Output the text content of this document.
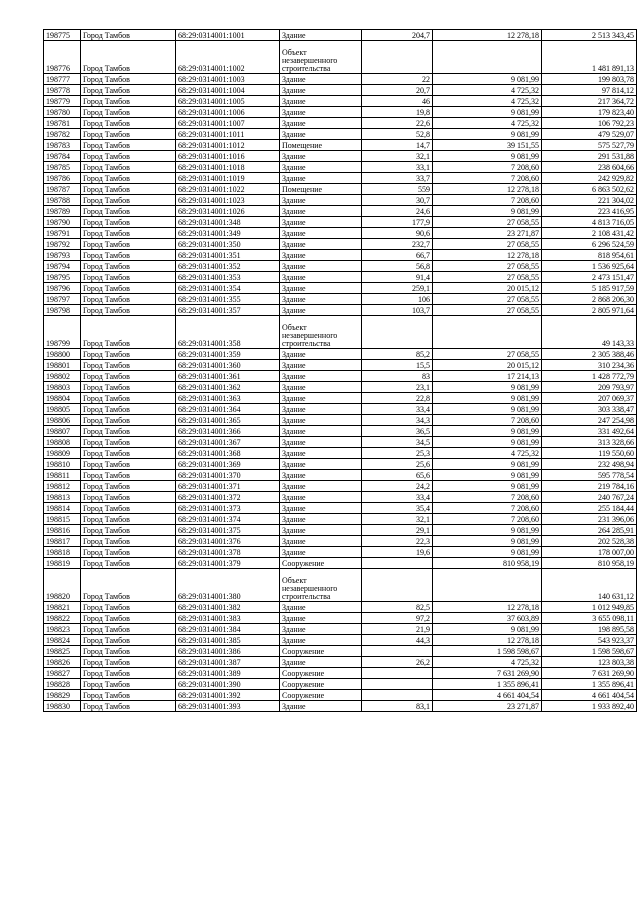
198775	Город Тамбов	68:29:0314001:1001	Здание	204,7	12 278,18	2 513 343,45
198776	Город Тамбов	68:29:0314001:1002	Объект незавершенного строительства			1 481 891,13
198777	Город Тамбов	68:29:0314001:1003	Здание	22	9 081,99	199 803,78
198778	Город Тамбов	68:29:0314001:1004	Здание	20,7	4 725,32	97 814,12
198779	Город Тамбов	68:29:0314001:1005	Здание	46	4 725,32	217 364,72
198780	Город Тамбов	68:29:0314001:1006	Здание	19,8	9 081,99	179 823,40
198781	Город Тамбов	68:29:0314001:1007	Здание	22,6	4 725,32	106 792,23
198782	Город Тамбов	68:29:0314001:1011	Здание	52,8	9 081,99	479 529,07
198783	Город Тамбов	68:29:0314001:1012	Помещение	14,7	39 151,55	575 527,79
198784	Город Тамбов	68:29:0314001:1016	Здание	32,1	9 081,99	291 531,88
198785	Город Тамбов	68:29:0314001:1018	Здание	33,1	7 208,60	238 604,66
198786	Город Тамбов	68:29:0314001:1019	Здание	33,7	7 208,60	242 929,82
198787	Город Тамбов	68:29:0314001:1022	Помещение	559	12 278,18	6 863 502,62
198788	Город Тамбов	68:29:0314001:1023	Здание	30,7	7 208,60	221 304,02
198789	Город Тамбов	68:29:0314001:1026	Здание	24,6	9 081,99	223 416,95
198790	Город Тамбов	68:29:0314001:348	Здание	177,9	27 058,55	4 813 716,05
198791	Город Тамбов	68:29:0314001:349	Здание	90,6	23 271,87	2 108 431,42
198792	Город Тамбов	68:29:0314001:350	Здание	232,7	27 058,55	6 296 524,59
198793	Город Тамбов	68:29:0314001:351	Здание	66,7	12 278,18	818 954,61
198794	Город Тамбов	68:29:0314001:352	Здание	56,8	27 058,55	1 536 925,64
198795	Город Тамбов	68:29:0314001:353	Здание	91,4	27 058,55	2 473 151,47
198796	Город Тамбов	68:29:0314001:354	Здание	259,1	20 015,12	5 185 917,59
198797	Город Тамбов	68:29:0314001:355	Здание	106	27 058,55	2 868 206,30
198798	Город Тамбов	68:29:0314001:357	Здание	103,7	27 058,55	2 805 971,64
198799	Город Тамбов	68:29:0314001:358	Объект незавершенного строительства			49 143,33
198800	Город Тамбов	68:29:0314001:359	Здание	85,2	27 058,55	2 305 388,46
198801	Город Тамбов	68:29:0314001:360	Здание	15,5	20 015,12	310 234,36
198802	Город Тамбов	68:29:0314001:361	Здание	83	17 214,13	1 428 772,79
198803	Город Тамбов	68:29:0314001:362	Здание	23,1	9 081,99	209 793,97
198804	Город Тамбов	68:29:0314001:363	Здание	22,8	9 081,99	207 069,37
198805	Город Тамбов	68:29:0314001:364	Здание	33,4	9 081,99	303 338,47
198806	Город Тамбов	68:29:0314001:365	Здание	34,3	7 208,60	247 254,98
198807	Город Тамбов	68:29:0314001:366	Здание	36,5	9 081,99	331 492,64
198808	Город Тамбов	68:29:0314001:367	Здание	34,5	9 081,99	313 328,66
198809	Город Тамбов	68:29:0314001:368	Здание	25,3	4 725,32	119 550,60
198810	Город Тамбов	68:29:0314001:369	Здание	25,6	9 081,99	232 498,94
198811	Город Тамбов	68:29:0314001:370	Здание	65,6	9 081,99	595 778,54
198812	Город Тамбов	68:29:0314001:371	Здание	24,2	9 081,99	219 784,16
198813	Город Тамбов	68:29:0314001:372	Здание	33,4	7 208,60	240 767,24
198814	Город Тамбов	68:29:0314001:373	Здание	35,4	7 208,60	255 184,44
198815	Город Тамбов	68:29:0314001:374	Здание	32,1	7 208,60	231 396,06
198816	Город Тамбов	68:29:0314001:375	Здание	29,1	9 081,99	264 285,91
198817	Город Тамбов	68:29:0314001:376	Здание	22,3	9 081,99	202 528,38
198818	Город Тамбов	68:29:0314001:378	Здание	19,6	9 081,99	178 007,00
198819	Город Тамбов	68:29:0314001:379	Сооружение		810 958,19	810 958,19
198820	Город Тамбов	68:29:0314001:380	Объект незавершенного строительства			140 631,12
198821	Город Тамбов	68:29:0314001:382	Здание	82,5	12 278,18	1 012 949,85
198822	Город Тамбов	68:29:0314001:383	Здание	97,2	37 603,89	3 655 098,11
198823	Город Тамбов	68:29:0314001:384	Здание	21,9	9 081,99	198 895,58
198824	Город Тамбов	68:29:0314001:385	Здание	44,3	12 278,18	543 923,37
198825	Город Тамбов	68:29:0314001:386	Сооружение		1 598 598,67	1 598 598,67
198826	Город Тамбов	68:29:0314001:387	Здание	26,2	4 725,32	123 803,38
198827	Город Тамбов	68:29:0314001:389	Сооружение		7 631 269,90	7 631 269,90
198828	Город Тамбов	68:29:0314001:390	Сооружение		1 355 896,41	1 355 896,41
198829	Город Тамбов	68:29:0314001:392	Сооружение		4 661 404,54	4 661 404,54
198830	Город Тамбов	68:29:0314001:393	Здание	83,1	23 271,87	1 933 892,40
